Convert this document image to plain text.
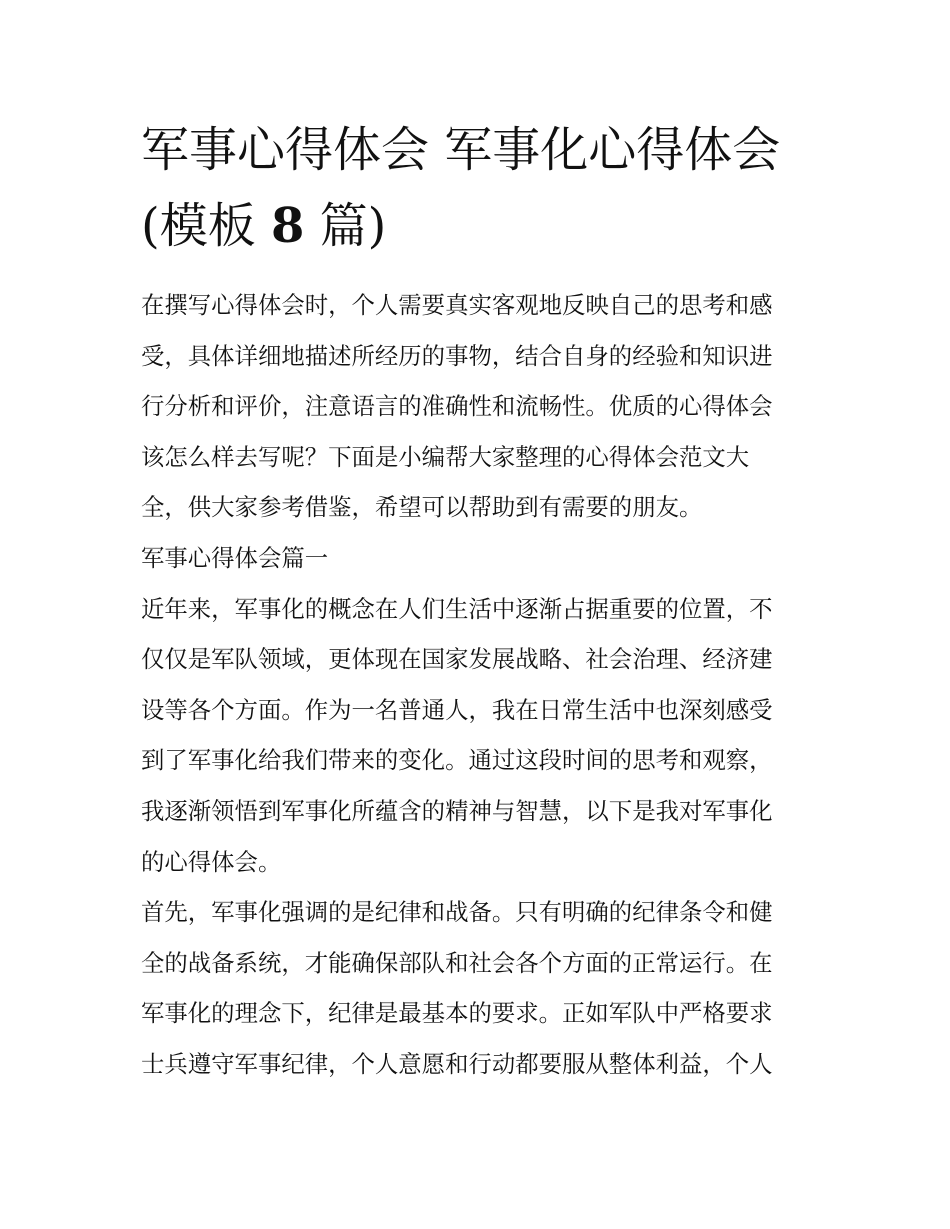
军事心得体会 军事化心得体会
(模板 8 篇)

在撰写心得体会时，个人需要真实客观地反映自己的思考和感
受，具体详细地描述所经历的事物，结合自身的经验和知识进
行分析和评价，注意语言的准确性和流畅性。优质的心得体会
该怎么样去写呢？下面是小编帮大家整理的心得体会范文大
全，供大家参考借鉴，希望可以帮助到有需要的朋友。

军事心得体会篇一

近年来，军事化的概念在人们生活中逐渐占据重要的位置，不
仅仅是军队领域，更体现在国家发展战略、社会治理、经济建
设等各个方面。作为一名普通人，我在日常生活中也深刻感受
到了军事化给我们带来的变化。通过这段时间的思考和观察，
我逐渐领悟到军事化所蕴含的精神与智慧，以下是我对军事化
的心得体会。

首先，军事化强调的是纪律和战备。只有明确的纪律条令和健
全的战备系统，才能确保部队和社会各个方面的正常运行。在
军事化的理念下，纪律是最基本的要求。正如军队中严格要求
士兵遵守军事纪律，个人意愿和行动都要服从整体利益，个人
